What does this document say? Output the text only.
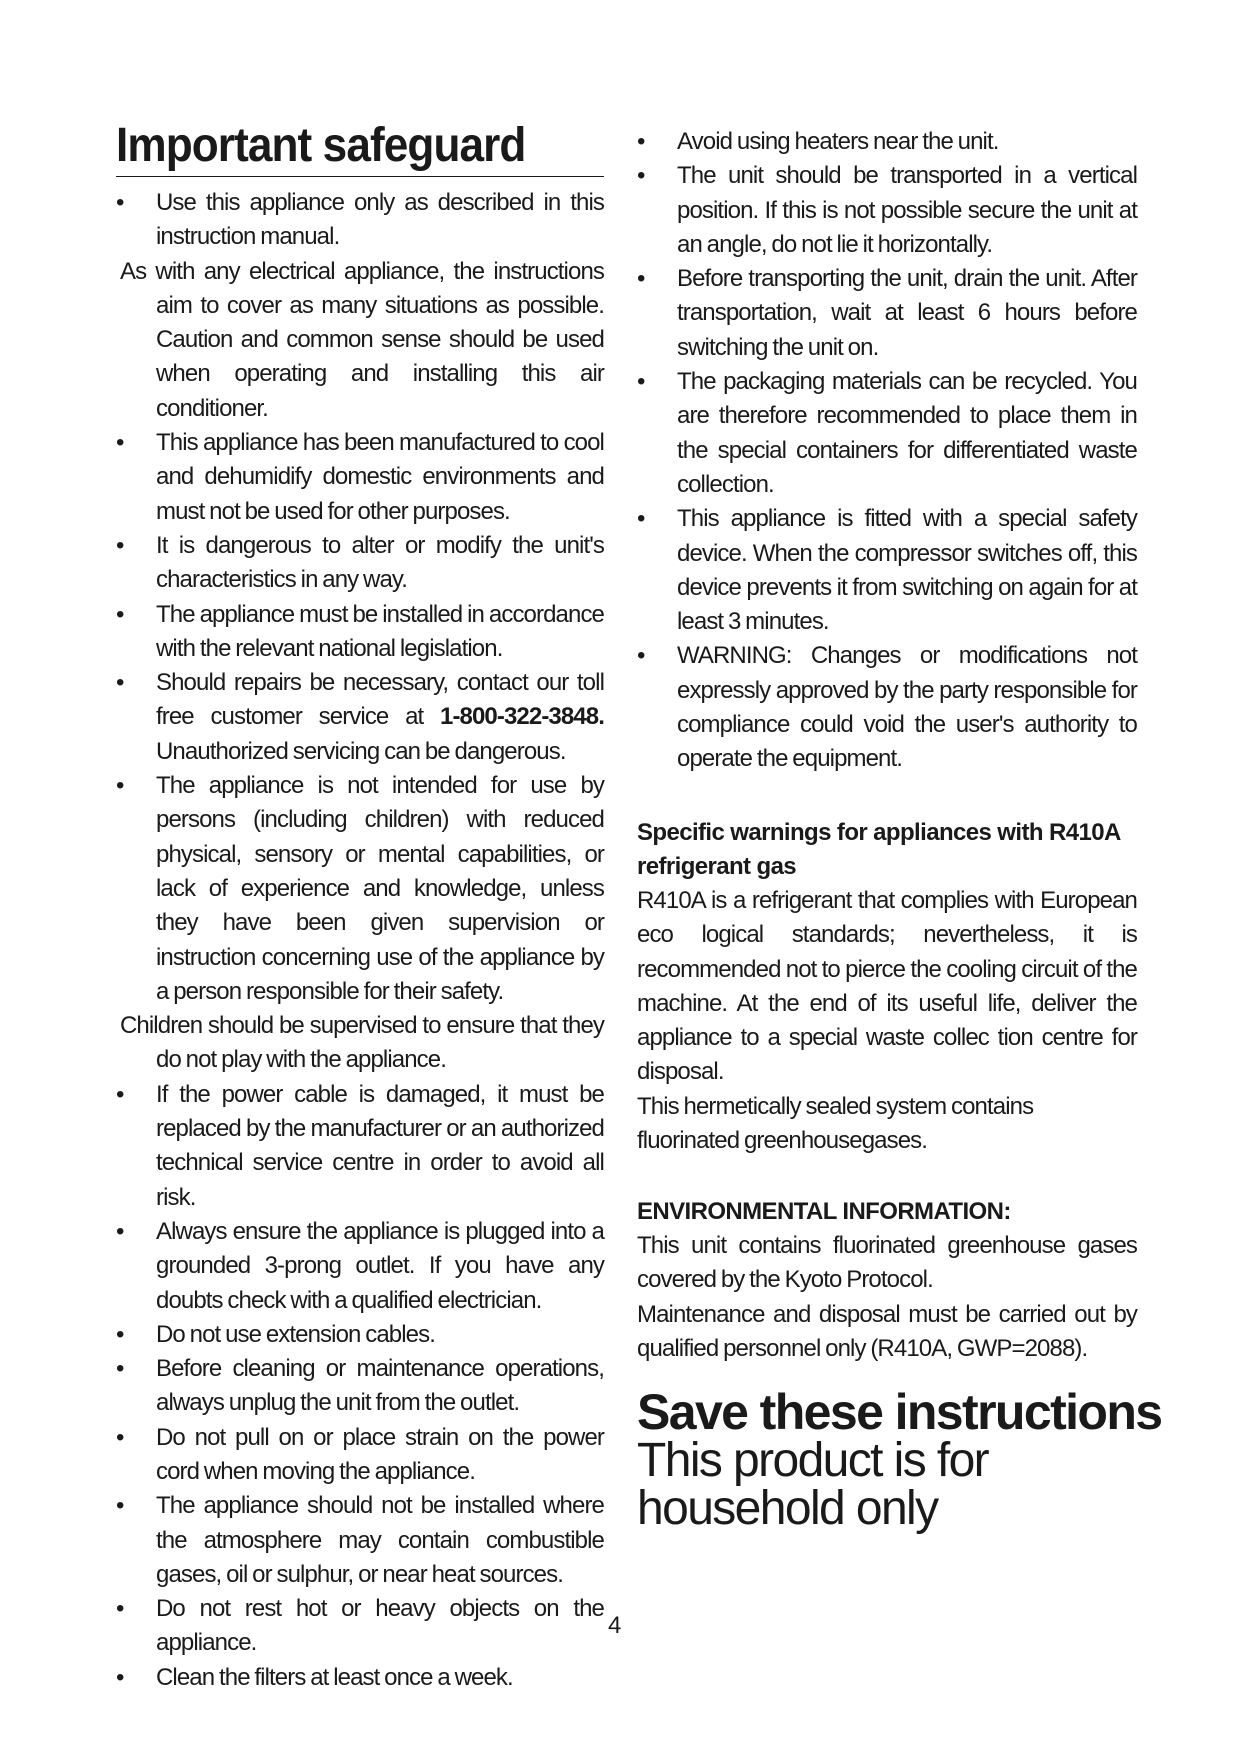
Important safeguard
• Use this appliance only as described in this instruction manual.
As with any electrical appliance, the instructions aim to cover as many situations as possible. Caution and common sense should be used when operating and installing this air conditioner.
• This appliance has been manufactured to cool and dehumidify domestic environments and must not be used for other purposes.
• It is dangerous to alter or modify the unit's characteristics in any way.
• The appliance must be installed in accordance with the relevant national legislation.
• Should repairs be necessary, contact our toll free customer service at 1-800-322-3848. Unauthorized servicing can be dangerous.
• The appliance is not intended for use by persons (including children) with reduced physical, sensory or mental capabilities, or lack of experience and knowledge, unless they have been given supervision or instruction concerning use of the appliance by a person responsible for their safety.
Children should be supervised to ensure that they do not play with the appliance.
• If the power cable is damaged, it must be replaced by the manufacturer or an authorized technical service centre in order to avoid all risk.
• Always ensure the appliance is plugged into a grounded 3-prong outlet. If you have any doubts check with a qualified electrician.
• Do not use extension cables.
• Before cleaning or maintenance operations, always unplug the unit from the outlet.
• Do not pull on or place strain on the power cord when moving the appliance.
• The appliance should not be installed where the atmosphere may contain combustible gases, oil or sulphur, or near heat sources.
• Do not rest hot or heavy objects on the appliance.
• Clean the filters at least once a week.
• Avoid using heaters near the unit.
• The unit should be transported in a vertical position. If this is not possible secure the unit at an angle, do not lie it horizontally.
• Before transporting the unit, drain the unit. After transportation, wait at least 6 hours before switching the unit on.
• The packaging materials can be recycled. You are therefore recommended to place them in the special containers for differentiated waste collection.
• This appliance is fitted with a special safety device. When the compressor switches off, this device prevents it from switching on again for at least 3 minutes.
• WARNING: Changes or modifications not expressly approved by the party responsible for compliance could void the user's authority to operate the equipment.

Specific warnings for appliances with R410A refrigerant gas

R410A is a refrigerant that complies with European eco logical standards; nevertheless, it is recommended not to pierce the cooling circuit of the machine. At the end of its useful life, deliver the appliance to a special waste collec tion centre for disposal.

This hermetically sealed system contains fluorinated greenhousegases.

ENVIRONMENTAL INFORMATION:

This unit contains fluorinated greenhouse gases covered by the Kyoto Protocol.

Maintenance and disposal must be carried out by qualified personnel only (R410A, GWP=2088).

Save these instructions

This product is for household only

4
